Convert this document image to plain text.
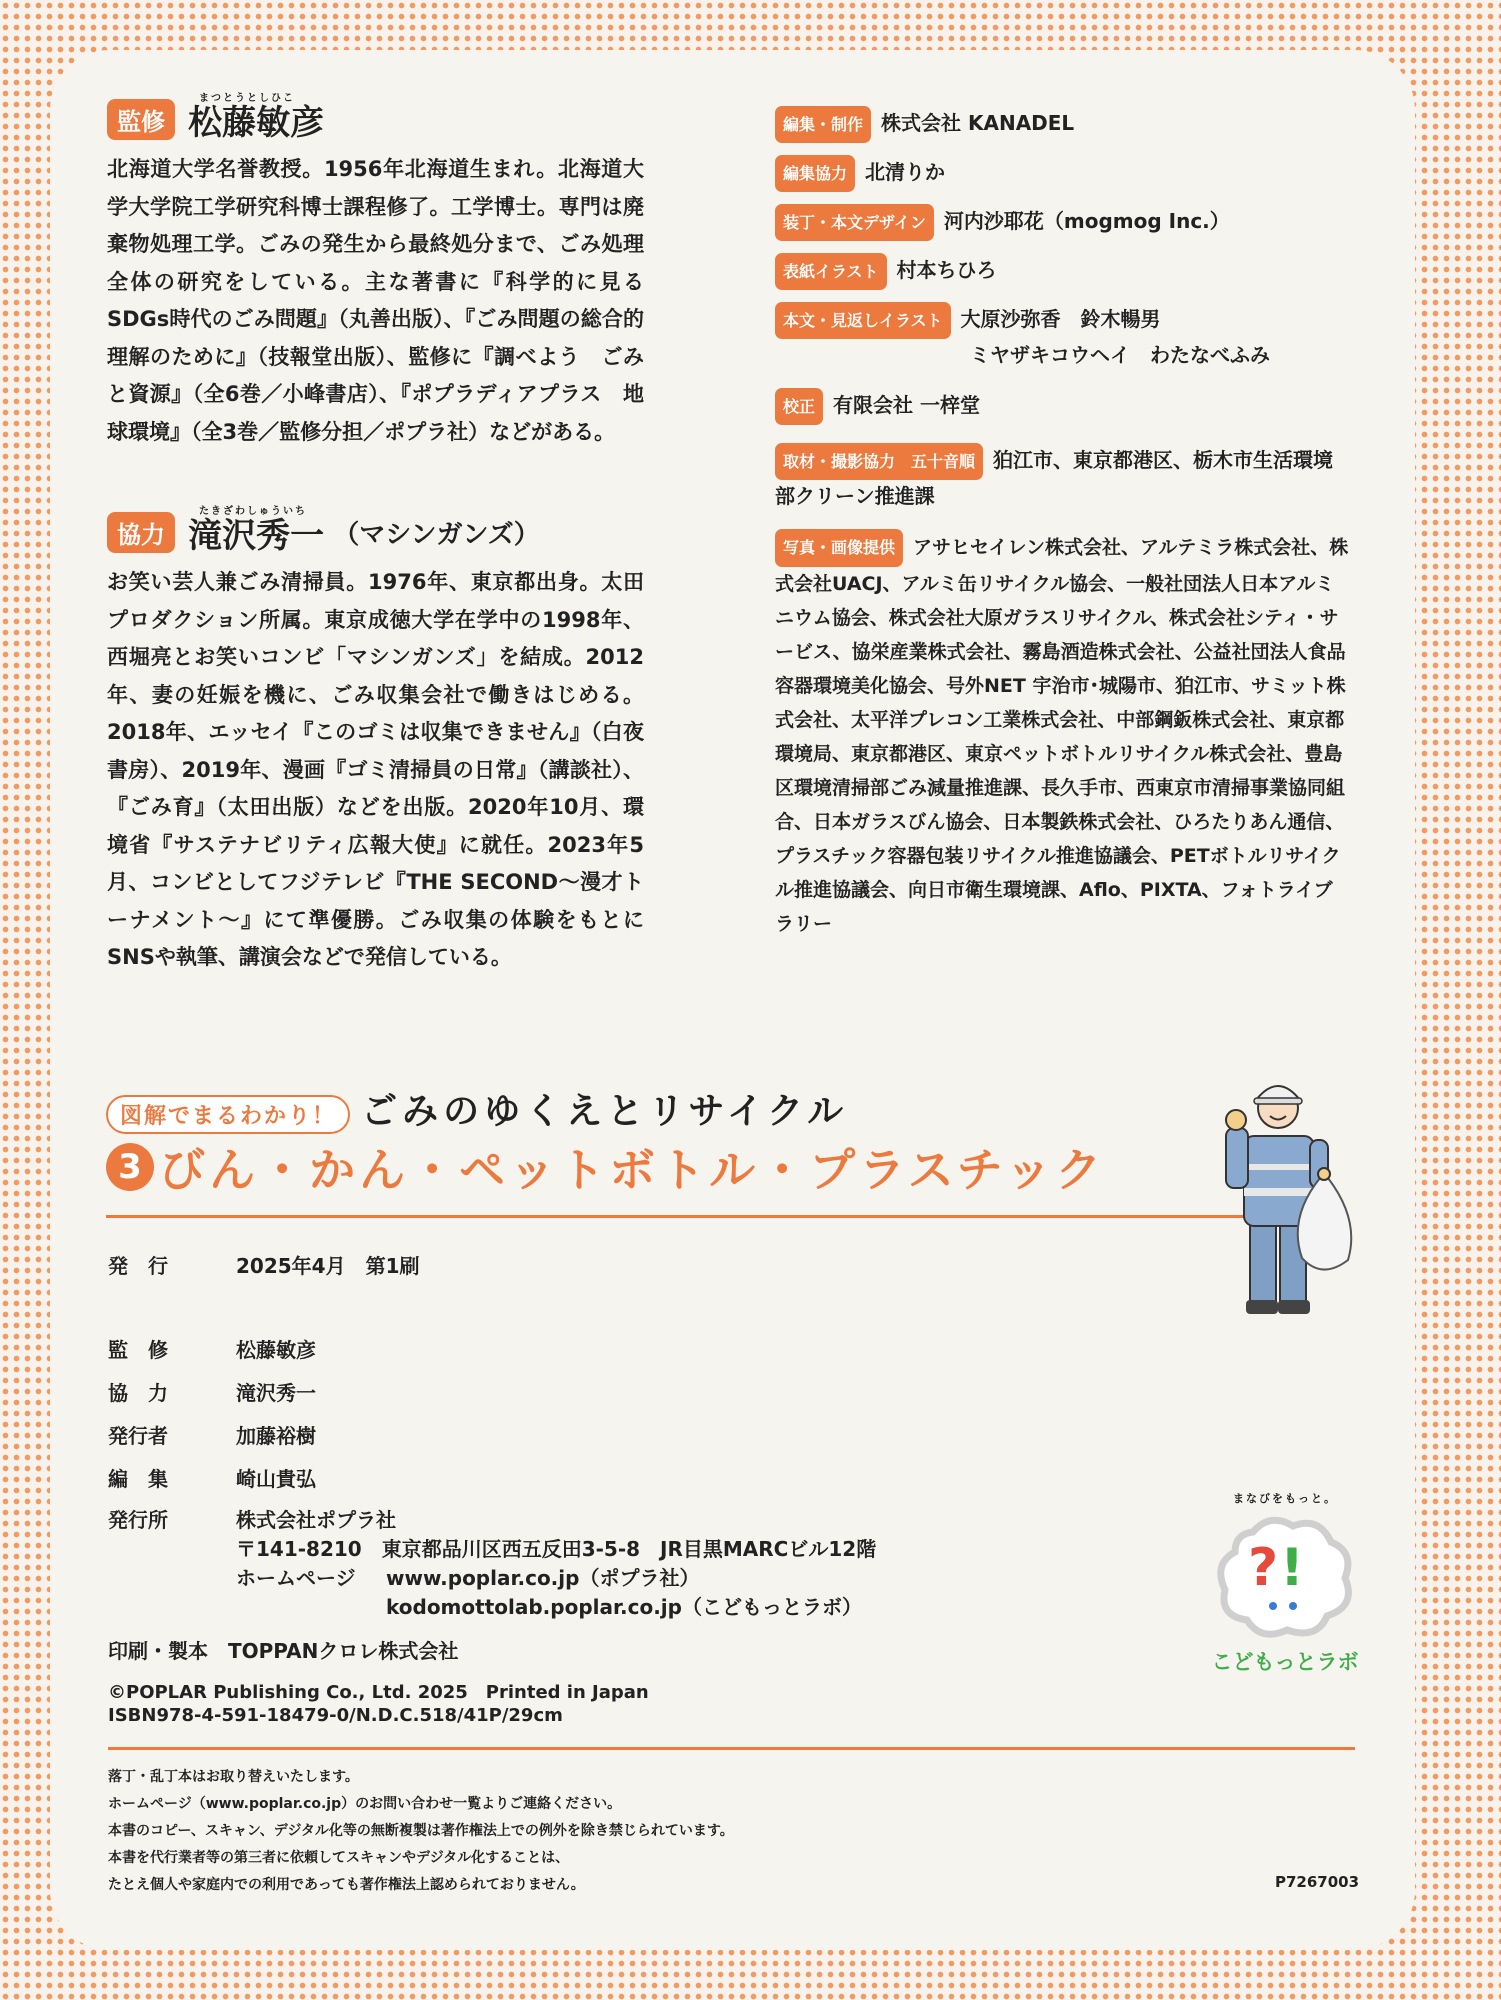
まつとうとしひこ
監修 松藤敏彦
北海道大学名誉教授。1956年北海道生まれ。北海道大学大学院工学研究科博士課程修了。工学博士。専門は廃棄物処理工学。ごみの発生から最終処分まで、ごみ処理全体の研究をしている。主な著書に『科学的に見る SDGs時代のごみ問題』（丸善出版）、『ごみ問題の総合的理解のために』（技報堂出版）、監修に『調べよう　ごみと資源』（全6巻／小峰書店）、『ポプラディアプラス　地球環境』（全3巻／監修分担／ポプラ社）などがある。
たきざわしゅういち
協力 滝沢秀一 （マシンガンズ）
お笑い芸人兼ごみ清掃員。1976年、東京都出身。太田プロダクション所属。東京成徳大学在学中の1998年、西堀亮とお笑いコンビ「マシンガンズ」を結成。2012年、妻の妊娠を機に、ごみ収集会社で働きはじめる。2018年、エッセイ『このゴミは収集できません』（白夜書房）、2019年、漫画『ゴミ清掃員の日常』（講談社）、『ごみ育』（太田出版）などを出版。2020年10月、環境省『サステナビリティ広報大使』に就任。2023年5月、コンビとしてフジテレビ『THE SECOND～漫才トーナメント～』にて準優勝。ごみ収集の体験をもとにSNSや執筆、講演会などで発信している。
編集・制作 株式会社 KANADEL
編集協力 北清りか
装丁・本文デザイン 河内沙耶花（mogmog Inc.）
表紙イラスト 村本ちひろ
本文・見返しイラスト 大原沙弥香　鈴木暢男
ミヤザキコウヘイ　わたなべふみ
校正 有限会社 一梓堂
取材・撮影協力　五十音順 狛江市、東京都港区、栃木市生活環境部クリーン推進課
写真・画像提供 アサヒセイレン株式会社、アルテミラ株式会社、株式会社UACJ、アルミ缶リサイクル協会、一般社団法人日本アルミニウム協会、株式会社大原ガラスリサイクル、株式会社シティ・サービス、協栄産業株式会社、霧島酒造株式会社、公益社団法人食品容器環境美化協会、号外NET 宇治市･城陽市、狛江市、サミット株式会社、太平洋プレコン工業株式会社、中部鋼鈑株式会社、東京都環境局、東京都港区、東京ペットボトルリサイクル株式会社、豊島区環境清掃部ごみ減量推進課、長久手市、西東京市清掃事業協同組合、日本ガラスびん協会、日本製鉄株式会社、ひろたりあん通信、プラスチック容器包装リサイクル推進協議会、PETボトルリサイクル推進協議会、向日市衛生環境課、Aflo、PIXTA、フォトライブラリー
図解でまるわかり！ ごみのゆくえとリサイクル
3 びん・かん・ペットボトル・プラスチック
発　行	2025年4月　第1刷
監　修	松藤敏彦
協　力	滝沢秀一
発行者	加藤裕樹
編　集	崎山貴弘
発行所	株式会社ポプラ社
〒141-8210　東京都品川区西五反田3-5-8　JR目黒MARCビル12階
ホームページ www.poplar.co.jp（ポプラ社）
kodomottolab.poplar.co.jp（こどもっとラボ）
印刷・製本　TOPPANクロレ株式会社
©POPLAR Publishing Co., Ltd. 2025　Printed in Japan
ISBN978-4-591-18479-0/N.D.C.518/41P/29cm
落丁・乱丁本はお取り替えいたします。
ホームページ（www.poplar.co.jp）のお問い合わせ一覧よりご連絡ください。
本書のコピー、スキャン、デジタル化等の無断複製は著作権法上での例外を除き禁じられています。
本書を代行業者等の第三者に依頼してスキャンやデジタル化することは、
たとえ個人や家庭内での利用であっても著作権法上認められておりません。	P7267003
まなびをもっと。
?!
こどもっとラボ
